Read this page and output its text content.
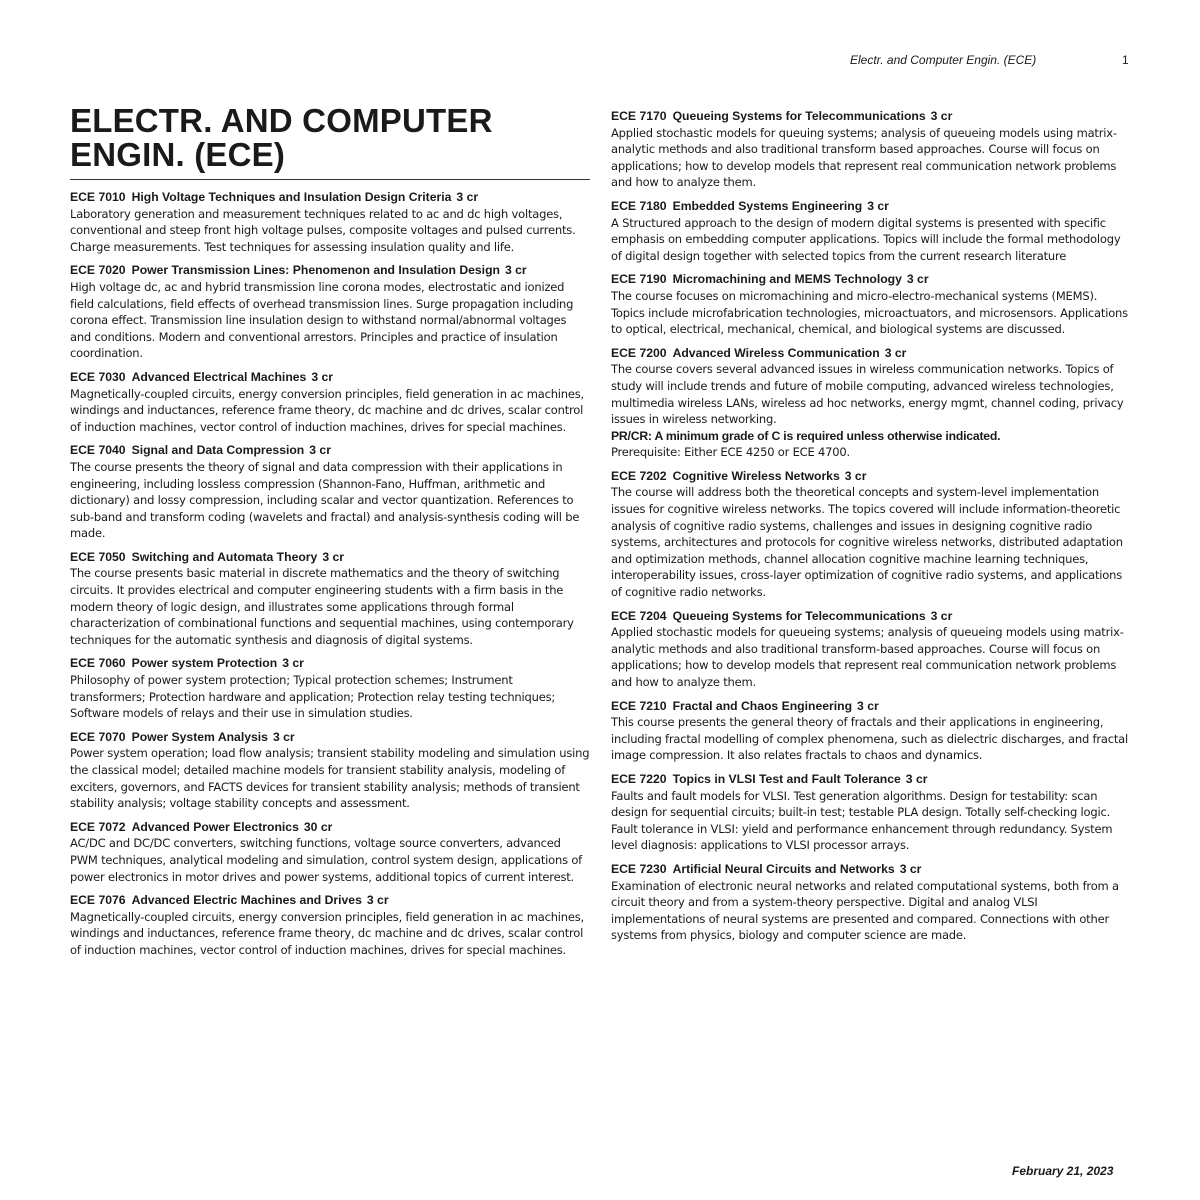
Electr. and Computer Engin. (ECE)	1
ELECTR. AND COMPUTER
ENGIN. (ECE)

ECE 7010 High Voltage Techniques and Insulation Design Criteria 3 cr

Laboratory generation and measurement techniques related to ac and dc high voltages, conventional and steep front high voltage pulses, composite voltages and pulsed currents. Charge measurements. Test techniques for assessing insulation quality and life.

ECE 7020 Power Transmission Lines: Phenomenon and Insulation Design 3 cr

High voltage dc, ac and hybrid transmission line corona modes, electrostatic and ionized field calculations, field effects of overhead transmission lines. Surge propagation including corona effect. Transmission line insulation design to withstand normal/abnormal voltages and conditions. Modern and conventional arrestors. Principles and practice of insulation coordination.

ECE 7030 Advanced Electrical Machines 3 cr

Magnetically-coupled circuits, energy conversion principles, field generation in ac machines, windings and inductances, reference frame theory, dc machine and dc drives, scalar control of induction machines, vector control of induction machines, drives for special machines.

ECE 7040 Signal and Data Compression 3 cr

The course presents the theory of signal and data compression with their applications in engineering, including lossless compression (Shannon-Fano, Huffman, arithmetic and dictionary) and lossy compression, including scalar and vector quantization. References to sub-band and transform coding (wavelets and fractal) and analysis-synthesis coding will be made.

ECE 7050 Switching and Automata Theory 3 cr

The course presents basic material in discrete mathematics and the theory of switching circuits. It provides electrical and computer engineering students with a firm basis in the modern theory of logic design, and illustrates some applications through formal characterization of combinational functions and sequential machines, using contemporary techniques for the automatic synthesis and diagnosis of digital systems.

ECE 7060 Power system Protection 3 cr

Philosophy of power system protection; Typical protection schemes; Instrument transformers; Protection hardware and application; Protection relay testing techniques; Software models of relays and their use in simulation studies.

ECE 7070 Power System Analysis 3 cr

Power system operation; load flow analysis; transient stability modeling and simulation using the classical model; detailed machine models for transient stability analysis, modeling of exciters, governors, and FACTS devices for transient stability analysis; methods of transient stability analysis; voltage stability concepts and assessment.

ECE 7072 Advanced Power Electronics 30 cr

AC/DC and DC/DC converters, switching functions, voltage source converters, advanced PWM techniques, analytical modeling and simulation, control system design, applications of power electronics in motor drives and power systems, additional topics of current interest.

ECE 7076 Advanced Electric Machines and Drives 3 cr

Magnetically-coupled circuits, energy conversion principles, field generation in ac machines, windings and inductances, reference frame theory, dc machine and dc drives, scalar control of induction machines, vector control of induction machines, drives for special machines.

ECE 7170 Queueing Systems for Telecommunications 3 cr

Applied stochastic models for queuing systems; analysis of queueing models using matrix-analytic methods and also traditional transform based approaches. Course will focus on applications; how to develop models that represent real communication network problems and how to analyze them.

ECE 7180 Embedded Systems Engineering 3 cr

A Structured approach to the design of modern digital systems is presented with specific emphasis on embedding computer applications. Topics will include the formal methodology of digital design together with selected topics from the current research literature

ECE 7190 Micromachining and MEMS Technology 3 cr

The course focuses on micromachining and micro-electro-mechanical systems (MEMS). Topics include microfabrication technologies, microactuators, and microsensors. Applications to optical, electrical, mechanical, chemical, and biological systems are discussed.

ECE 7200 Advanced Wireless Communication 3 cr

The course covers several advanced issues in wireless communication networks. Topics of study will include trends and future of mobile computing, advanced wireless technologies, multimedia wireless LANs, wireless ad hoc networks, energy mgmt, channel coding, privacy issues in wireless networking.

PR/CR: A minimum grade of C is required unless otherwise indicated.

Prerequisite: Either ECE 4250 or ECE 4700.

ECE 7202 Cognitive Wireless Networks 3 cr

The course will address both the theoretical concepts and system-level implementation issues for cognitive wireless networks. The topics covered will include information-theoretic analysis of cognitive radio systems, challenges and issues in designing cognitive radio systems, architectures and protocols for cognitive wireless networks, distributed adaptation and optimization methods, channel allocation cognitive machine learning techniques, interoperability issues, cross-layer optimization of cognitive radio systems, and applications of cognitive radio networks.

ECE 7204 Queueing Systems for Telecommunications 3 cr

Applied stochastic models for queueing systems; analysis of queueing models using matrix-analytic methods and also traditional transform-based approaches. Course will focus on applications; how to develop models that represent real communication network problems and how to analyze them.

ECE 7210 Fractal and Chaos Engineering 3 cr

This course presents the general theory of fractals and their applications in engineering, including fractal modelling of complex phenomena, such as dielectric discharges, and fractal image compression. It also relates fractals to chaos and dynamics.

ECE 7220 Topics in VLSI Test and Fault Tolerance 3 cr

Faults and fault models for VLSI. Test generation algorithms. Design for testability: scan design for sequential circuits; built-in test; testable PLA design. Totally self-checking logic. Fault tolerance in VLSI: yield and performance enhancement through redundancy. System level diagnosis: applications to VLSI processor arrays.

ECE 7230 Artificial Neural Circuits and Networks 3 cr

Examination of electronic neural networks and related computational systems, both from a circuit theory and from a system-theory perspective. Digital and analog VLSI implementations of neural systems are presented and compared. Connections with other systems from physics, biology and computer science are made.

February 21, 2023
